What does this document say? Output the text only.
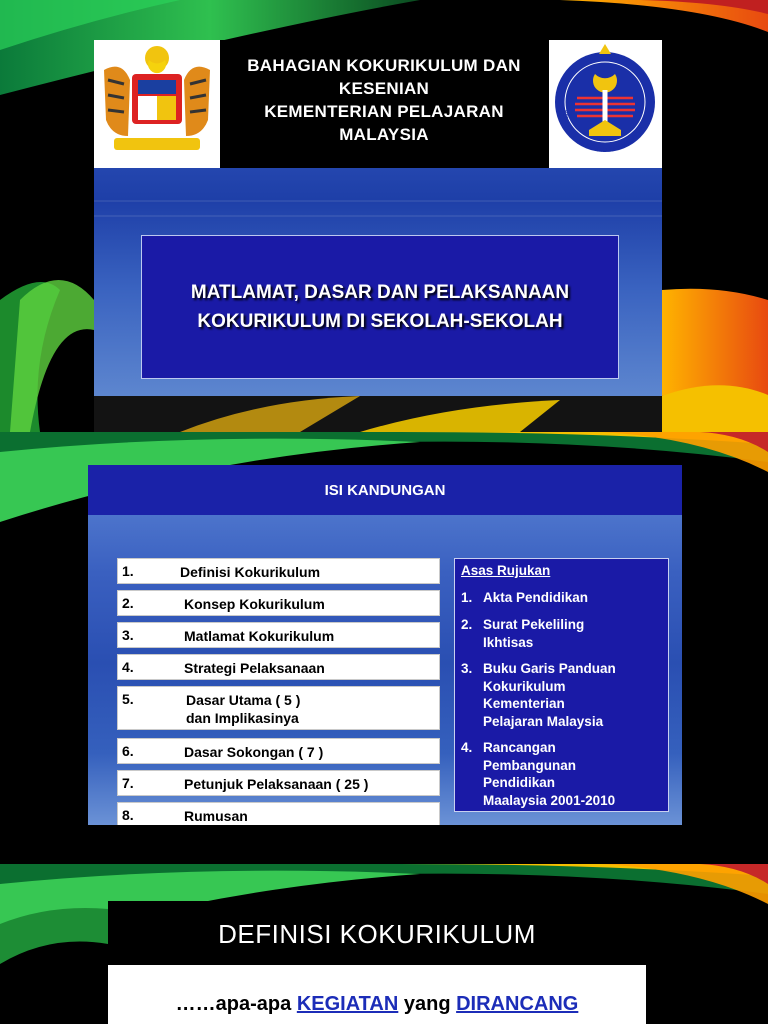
BAHAGIAN KOKURIKULUM DAN
KESENIAN
KEMENTERIAN PELAJARAN
MALAYSIA
KEMENTERIAN PENDIDIKAN MALAYSIA
MATLAMAT, DASAR DAN PELAKSANAAN
KOKURIKULUM DI SEKOLAH-SEKOLAH
ISI KANDUNGAN
1.	Definisi Kokurikulum
2.	Konsep Kokurikulum
3.	Matlamat Kokurikulum
4.	Strategi Pelaksanaan
5.	Dasar Utama ( 5 )
dan Implikasinya
6.	Dasar Sokongan ( 7 )
7.	Petunjuk Pelaksanaan ( 25 )
8.	Rumusan
Asas Rujukan
1. Akta Pendidikan
2. Surat Pekeliling
Ikhtisas
3. Buku Garis Panduan
Kokurikulum
Kementerian
Pelajaran Malaysia
4. Rancangan
Pembangunan
Pendidikan
Maalaysia 2001-2010
DEFINISI KOKURIKULUM
……apa-apa KEGIATAN yang DIRANCANG
